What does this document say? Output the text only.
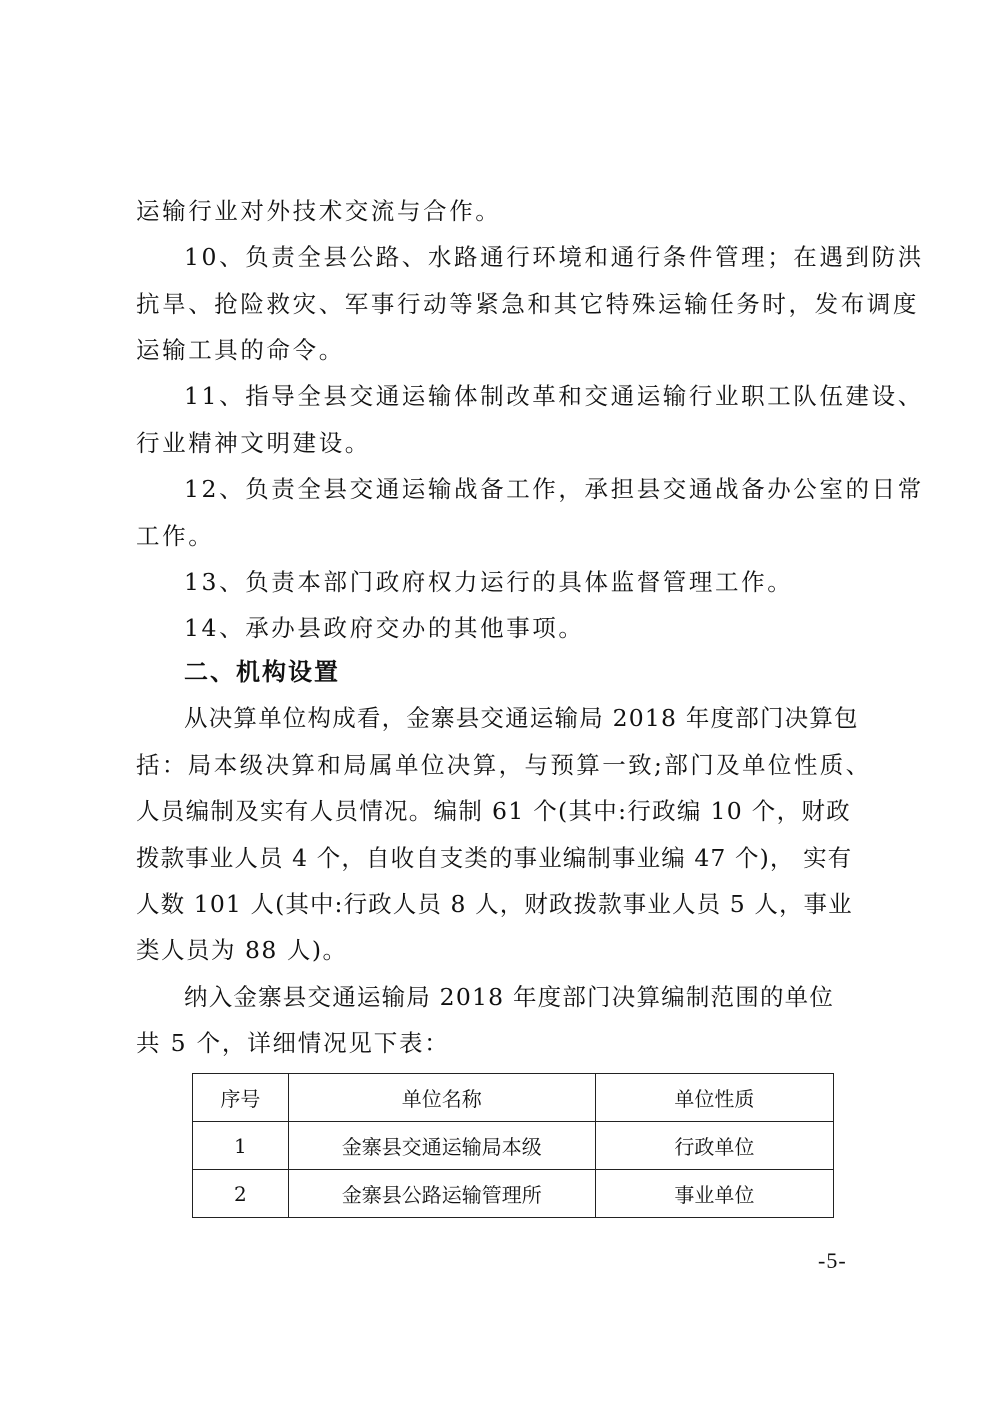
运输行业对外技术交流与合作。
10、负责全县公路、水路通行环境和通行条件管理；在遇到防洪
抗旱、抢险救灾、军事行动等紧急和其它特殊运输任务时，发布调度
运输工具的命令。
11、指导全县交通运输体制改革和交通运输行业职工队伍建设、
行业精神文明建设。
12、负责全县交通运输战备工作，承担县交通战备办公室的日常
工作。
13、负责本部门政府权力运行的具体监督管理工作。
14、承办县政府交办的其他事项。
二、机构设置
从决算单位构成看，金寨县交通运输局 2018 年度部门决算包
括：局本级决算和局属单位决算，与预算一致;部门及单位性质、
人员编制及实有人员情况。编制 61 个(其中:行政编 10 个，财政
拨款事业人员 4 个，自收自支类的事业编制事业编 47 个)， 实有
人数 101 人(其中:行政人员 8 人，财政拨款事业人员 5 人，事业
类人员为 88 人)。
纳入金寨县交通运输局 2018 年度部门决算编制范围的单位
共 5 个，详细情况见下表：
序号	单位名称	单位性质
1	金寨县交通运输局本级	行政单位
2	金寨县公路运输管理所	事业单位
-5-
